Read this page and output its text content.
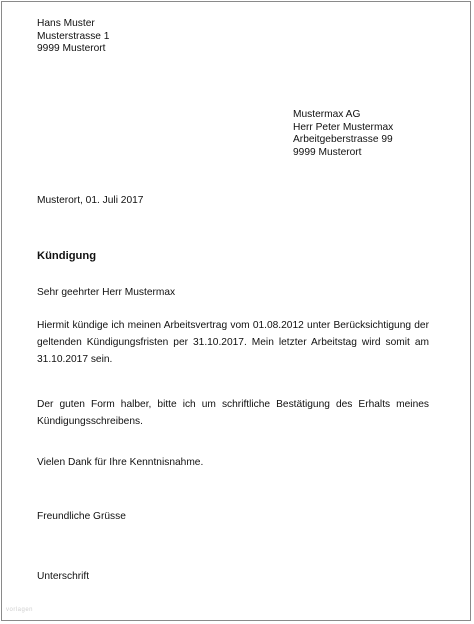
Hans Muster
Musterstrasse 1
9999 Musterort
Mustermax AG
Herr Peter Mustermax
Arbeitgeberstrasse 99
9999 Musterort
Musterort, 01. Juli 2017
Kündigung
Sehr geehrter Herr Mustermax
Hiermit kündige ich meinen Arbeitsvertrag vom 01.08.2012 unter Berücksichtigung der geltenden Kündigungsfristen per 31.10.2017. Mein letzter Arbeitstag wird somit am 31.10.2017 sein.
Der guten Form halber, bitte ich um schriftliche Bestätigung des Erhalts meines Kündigungsschreibens.
Vielen Dank für Ihre Kenntnisnahme.
Freundliche Grüsse
Unterschrift
vorlagen
